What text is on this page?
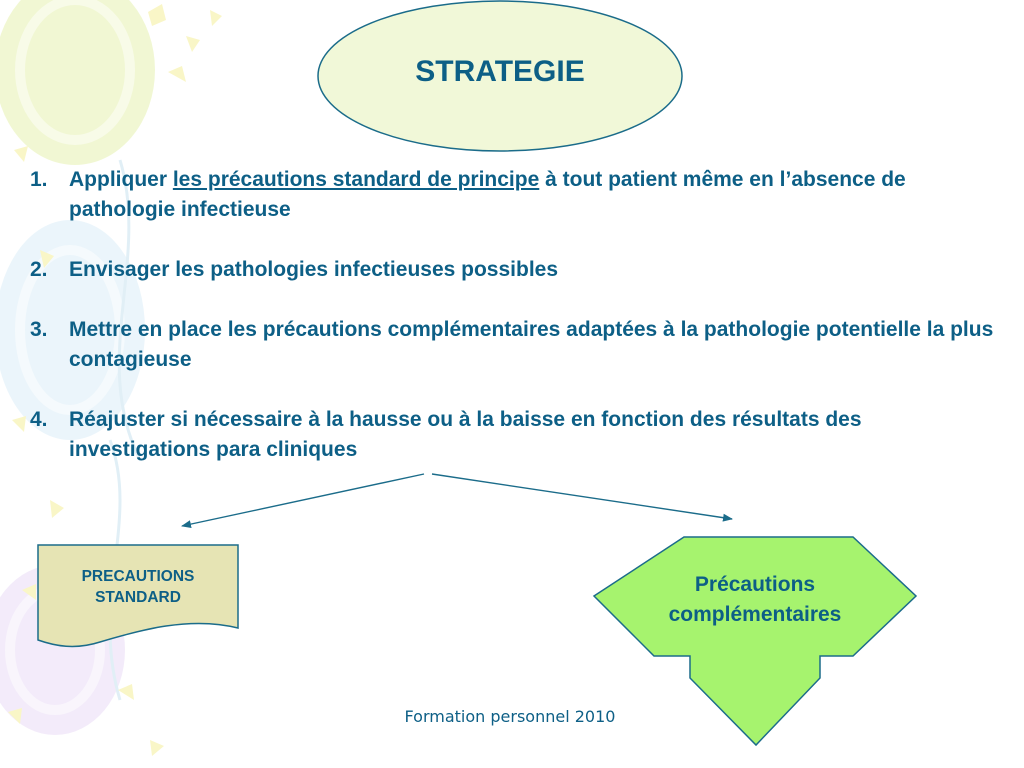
STRATEGIE
1. Appliquer les précautions standard de principe à tout patient même en l’absence de pathologie infectieuse
2. Envisager les pathologies infectieuses possibles
3. Mettre en place les précautions complémentaires adaptées à la pathologie potentielle la plus contagieuse
4. Réajuster si nécessaire à la hausse ou à la baisse en fonction des résultats des investigations para cliniques
PRECAUTIONS
STANDARD
Précautions
complémentaires
Formation personnel 2010
